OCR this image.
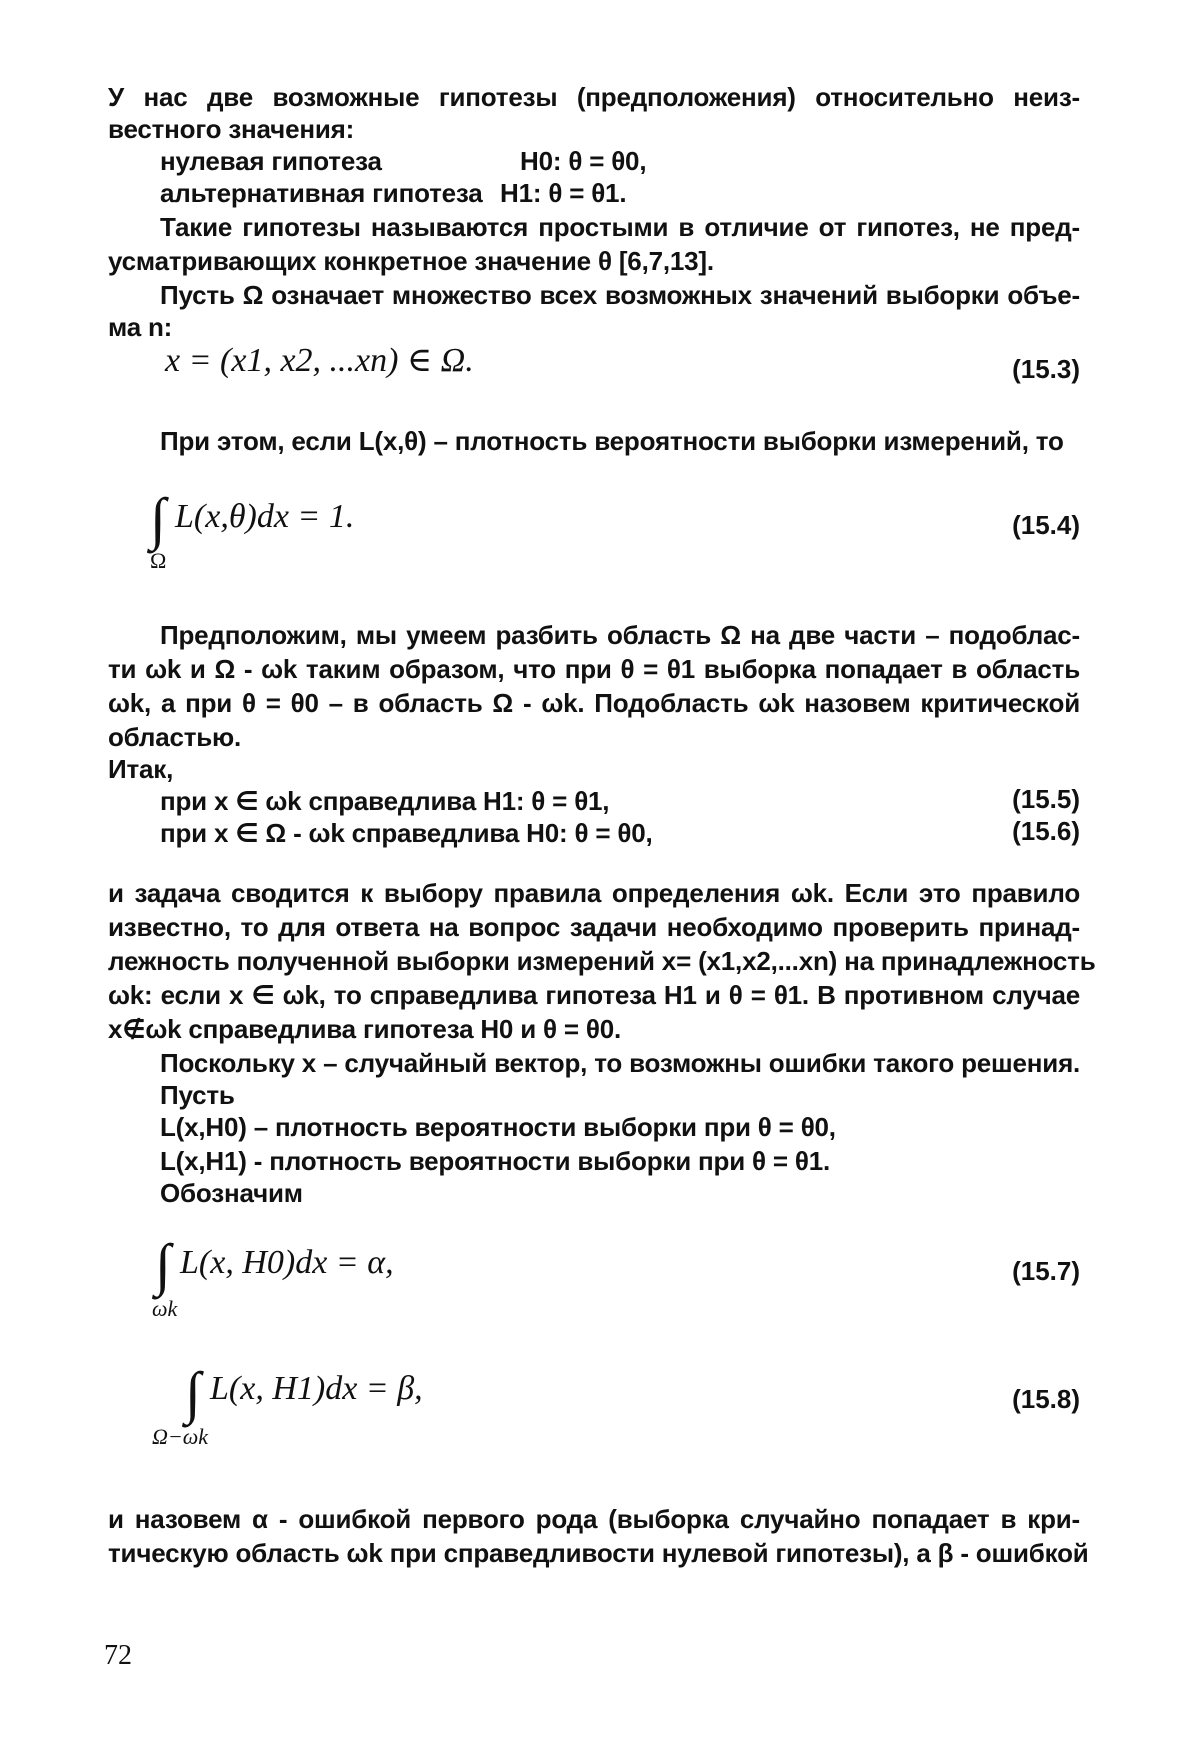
У нас две возможные гипотезы (предположения) относительно неиз-
вестного значения:
нулевая гипотеза	Н0: θ = θ0,
альтернативная гипотеза Н1: θ = θ1.
Такие гипотезы называются простыми в отличие от гипотез, не пред-
усматривающих конкретное значение θ [6,7,13].
Пусть Ω означает множество всех возможных значений выборки объе-
ма n:
x = (x1, x2, ...xn) ∈ Ω.	(15.3)
При этом, если L(x,θ) – плотность вероятности выборки измерений, то
∫ L(x,θ)dx = 1.
Ω
(15.4)
Предположим, мы умеем разбить область Ω на две части – подоблас-
ти ωk и Ω - ωk таким образом, что при θ = θ1 выборка попадает в область
ωk, а при θ = θ0 – в область Ω - ωk. Подобласть ωk назовем критической
областью.
Итак,
при x ∈ ωk справедлива Н1: θ = θ1,	(15.5)
при x ∈ Ω - ωk справедлива Н0: θ = θ0,	(15.6)
и задача сводится к выбору правила определения ωk. Если это правило
известно, то для ответа на вопрос задачи необходимо проверить принад-
лежность полученной выборки измерений x= (x1,x2,...xn) на принадлежность
ωk: если x ∈ ωk, то справедлива гипотеза Н1 и θ = θ1. В противном случае
x∉ωk справедлива гипотеза Н0 и θ = θ0.
Поскольку x – случайный вектор, то возможны ошибки такого решения.
Пусть
L(x,Н0) – плотность вероятности выборки при θ = θ0,
L(x,Н1) - плотность вероятности выборки при θ = θ1.
Обозначим
∫ L(x, H0)dx = α,
ωk
(15.7)
∫ L(x, H1)dx = β,
Ω−ωk
(15.8)
и назовем α - ошибкой первого рода (выборка случайно попадает в кри-
тическую область ωk при справедливости нулевой гипотезы), а β - ошибкой
72
